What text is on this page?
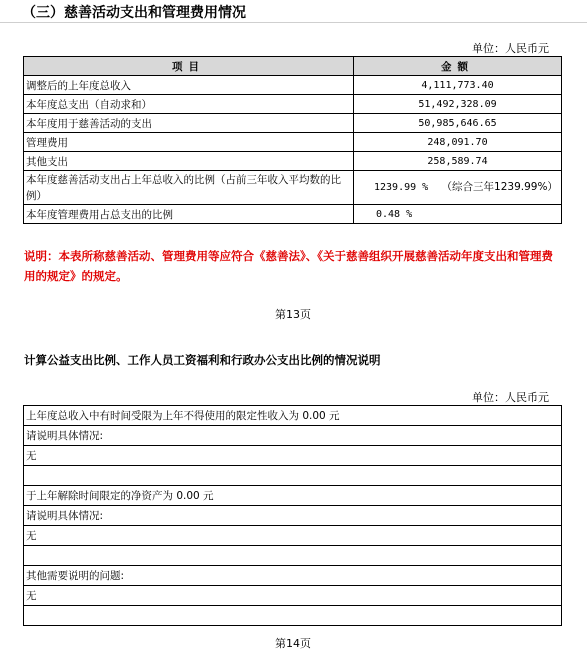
（三）慈善活动支出和管理费用情况
单位：人民币元
项目	金额
调整后的上年度总收入	4,111,773.40
本年度总支出（自动求和）	51,492,328.09
本年度用于慈善活动的支出	50,985,646.65
管理费用	248,091.70
其他支出	258,589.74
本年度慈善活动支出占上年总收入的比例（占前三年收入平均数的比例）	1239.99 % （综合三年1239.99%）
本年度管理费用占总支出的比例	0.48 %
说明：本表所称慈善活动、管理费用等应符合《慈善法》、《关于慈善组织开展慈善活动年度支出和管理费用的规定》的规定。
第13页
计算公益支出比例、工作人员工资福利和行政办公支出比例的情况说明
单位：人民币元
上年度总收入中有时间受限为上年不得使用的限定性收入为 0.00 元
请说明具体情况:
无

于上年解除时间限定的净资产为 0.00 元
请说明具体情况:
无

其他需要说明的问题:
无

第14页
